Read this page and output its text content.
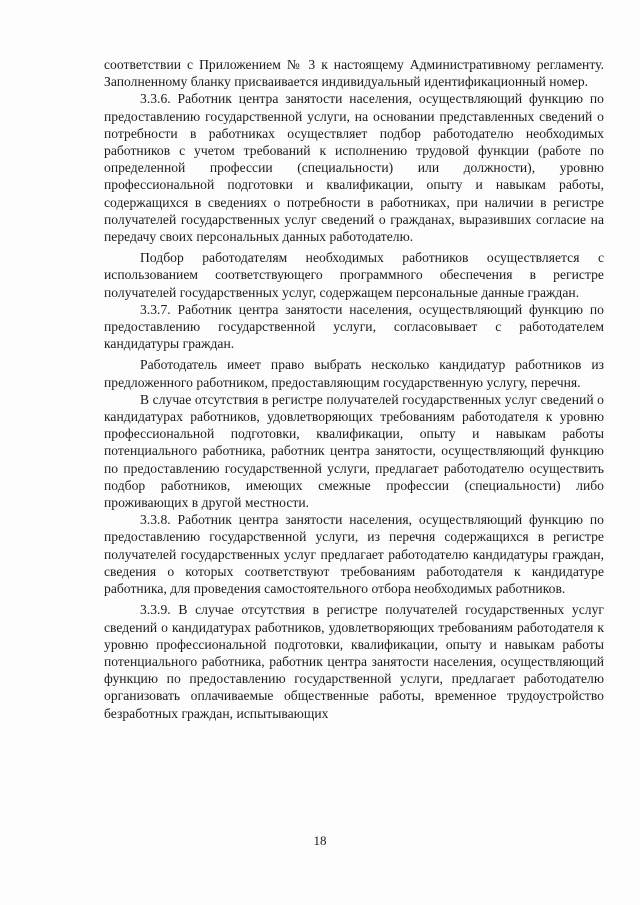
соответствии с Приложением № 3 к настоящему Административному регламенту. Заполненному бланку присваивается индивидуальный идентификационный номер.

3.3.6. Работник центра занятости населения, осуществляющий функцию по предоставлению государственной услуги, на основании представленных сведений о потребности в работниках осуществляет подбор работодателю необходимых работников с учетом требований к исполнению трудовой функции (работе по определенной профессии (специальности) или должности), уровню профессиональной подготовки и квалификации, опыту и навыкам работы, содержащихся в сведениях о потребности в работниках, при наличии в регистре получателей государственных услуг сведений о гражданах, выразивших согласие на передачу своих персональных данных работодателю.

Подбор работодателям необходимых работников осуществляется с использованием соответствующего программного обеспечения в регистре получателей государственных услуг, содержащем персональные данные граждан.

3.3.7. Работник центра занятости населения, осуществляющий функцию по предоставлению государственной услуги, согласовывает с работодателем кандидатуры граждан.

Работодатель имеет право выбрать несколько кандидатур работников из предложенного работником, предоставляющим государственную услугу, перечня.

В случае отсутствия в регистре получателей государственных услуг сведений о кандидатурах работников, удовлетворяющих требованиям работодателя к уровню профессиональной подготовки, квалификации, опыту и навыкам работы потенциального работника, работник центра занятости, осуществляющий функцию по предоставлению государственной услуги, предлагает работодателю осуществить подбор работников, имеющих смежные профессии (специальности) либо проживающих в другой местности.

3.3.8. Работник центра занятости населения, осуществляющий функцию по предоставлению государственной услуги, из перечня содержащихся в регистре получателей государственных услуг предлагает работодателю кандидатуры граждан, сведения о которых соответствуют требованиям работодателя к кандидатуре работника, для проведения самостоятельного отбора необходимых работников.

3.3.9. В случае отсутствия в регистре получателей государственных услуг сведений о кандидатурах работников, удовлетворяющих требованиям работодателя к уровню профессиональной подготовки, квалификации, опыту и навыкам работы потенциального работника, работник центра занятости населения, осуществляющий функцию по предоставлению государственной услуги, предлагает работодателю организовать оплачиваемые общественные работы, временное трудоустройство безработных граждан, испытывающих

18
